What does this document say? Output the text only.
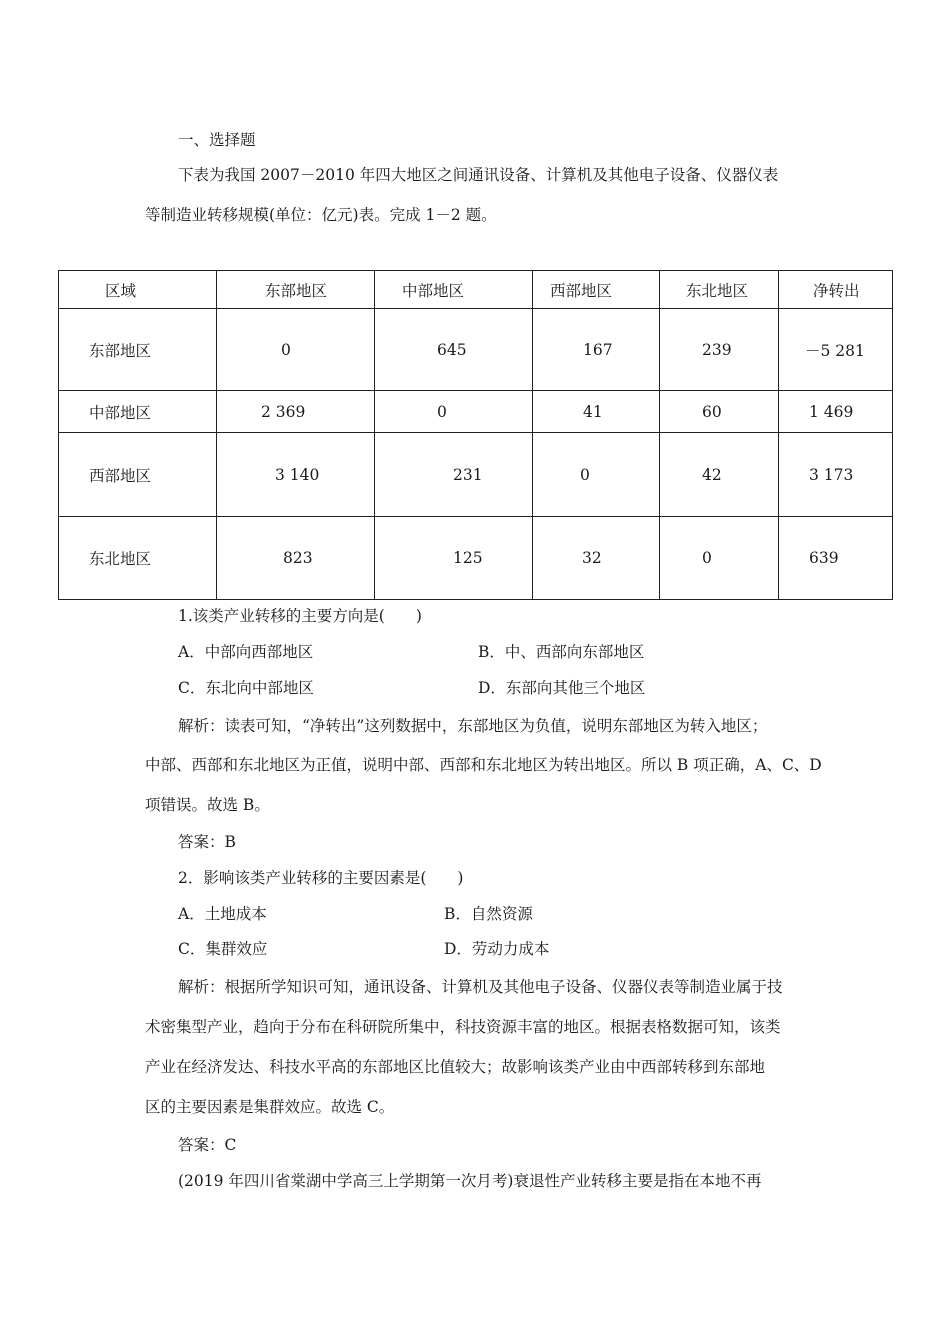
一、选择题
下表为我国 2007－2010 年四大地区之间通讯设备、计算机及其他电子设备、仪器仪表
等制造业转移规模(单位：亿元)表。完成 1－2 题。
区域	东部地区	中部地区	西部地区	东北地区	净转出

东部地区	0	645	167	239	－5 281

中部地区	2 369	0	41	60	1 469

西部地区	3 140	231	0	42	3 173

东北地区	823	125	32	0	639
1.该类产业转移的主要方向是(　　)
A．中部向西部地区	B．中、西部向东部地区
C．东北向中部地区	D．东部向其他三个地区
解析：读表可知，“净转出”这列数据中，东部地区为负值，说明东部地区为转入地区；
中部、西部和东北地区为正值，说明中部、西部和东北地区为转出地区。所以 B 项正确，A、C、D
项错误。故选 B。
答案：B
2．影响该类产业转移的主要因素是(　　)
A．土地成本	B．自然资源
C．集群效应	D．劳动力成本
解析：根据所学知识可知，通讯设备、计算机及其他电子设备、仪器仪表等制造业属于技
术密集型产业，趋向于分布在科研院所集中，科技资源丰富的地区。根据表格数据可知，该类
产业在经济发达、科技水平高的东部地区比值较大；故影响该类产业由中西部转移到东部地
区的主要因素是集群效应。故选 C。
答案：C
(2019 年四川省棠湖中学高三上学期第一次月考)衰退性产业转移主要是指在本地不再
